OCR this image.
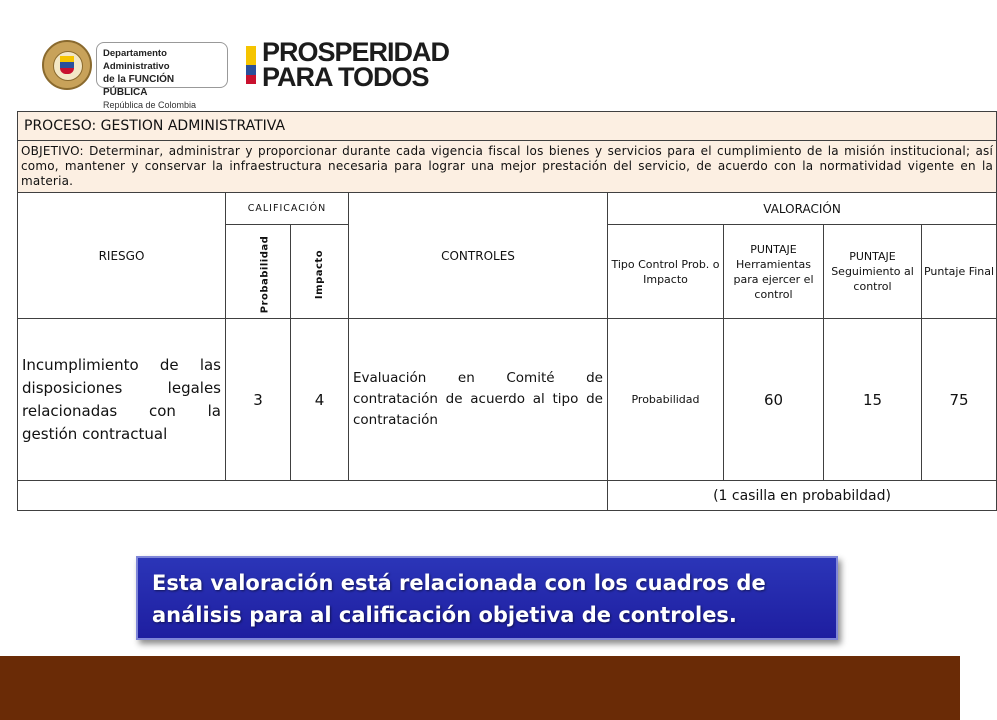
Departamento Administrativo
de la FUNCIÓN PÚBLICA
República de Colombia
PROSPERIDAD
PARA TODOS
PROCESO: GESTION ADMINISTRATIVA							
OBJETIVO: Determinar, administrar y proporcionar durante cada vigencia fiscal los bienes y servicios para el cumplimiento de la misión institucional; así como, mantener y conservar la infraestructura necesaria para lograr una mejor prestación del servicio, de acuerdo con la normatividad vigente en la materia.							
RIESGO	CALIFICACIÓN		CONTROLES	VALORACIÓN			
	Probabilidad	Impacto		Tipo Control Prob. o Impacto	PUNTAJE Herramientas para ejercer el control	PUNTAJE Seguimiento al control	Puntaje Final
Incumplimiento de las disposiciones legales relacionadas con la gestión contractual	3	4	Evaluación en Comité de contratación de acuerdo al tipo de contratación	Probabilidad	60	15	75
				(1 casilla en probabildad)			
Esta valoración está relacionada con los cuadros de análisis para al calificación objetiva de controles.
